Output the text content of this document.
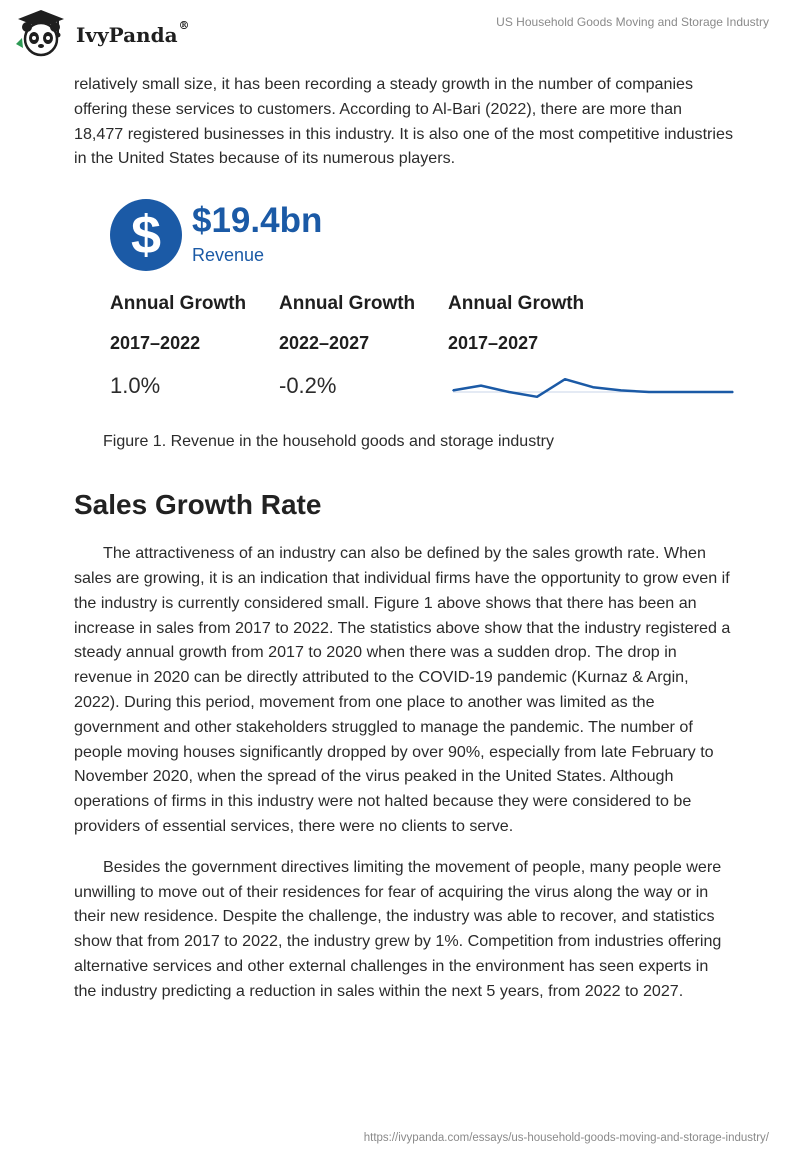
IvyPanda®	US Household Goods Moving and Storage Industry

relatively small size, it has been recording a steady growth in the number of companies offering these services to customers. According to Al-Bari (2022), there are more than 18,477 registered businesses in this industry. It is also one of the most competitive industries in the United States because of its numerous players.

$ $19.4bn
Revenue
Annual Growth
2017–2022
1.0%
Annual Growth
2022–2027
-0.2%
Annual Growth
2017–2027
Figure 1. Revenue in the household goods and storage industry
Sales Growth Rate

The attractiveness of an industry can also be defined by the sales growth rate. When sales are growing, it is an indication that individual firms have the opportunity to grow even if the industry is currently considered small. Figure 1 above shows that there has been an increase in sales from 2017 to 2022. The statistics above show that the industry registered a steady annual growth from 2017 to 2020 when there was a sudden drop. The drop in revenue in 2020 can be directly attributed to the COVID-19 pandemic (Kurnaz & Argin, 2022). During this period, movement from one place to another was limited as the government and other stakeholders struggled to manage the pandemic. The number of people moving houses significantly dropped by over 90%, especially from late February to November 2020, when the spread of the virus peaked in the United States. Although operations of firms in this industry were not halted because they were considered to be providers of essential services, there were no clients to serve.

Besides the government directives limiting the movement of people, many people were unwilling to move out of their residences for fear of acquiring the virus along the way or in their new residence. Despite the challenge, the industry was able to recover, and statistics show that from 2017 to 2022, the industry grew by 1%. Competition from industries offering alternative services and other external challenges in the environment has seen experts in the industry predicting a reduction in sales within the next 5 years, from 2022 to 2027.

https://ivypanda.com/essays/us-household-goods-moving-and-storage-industry/
